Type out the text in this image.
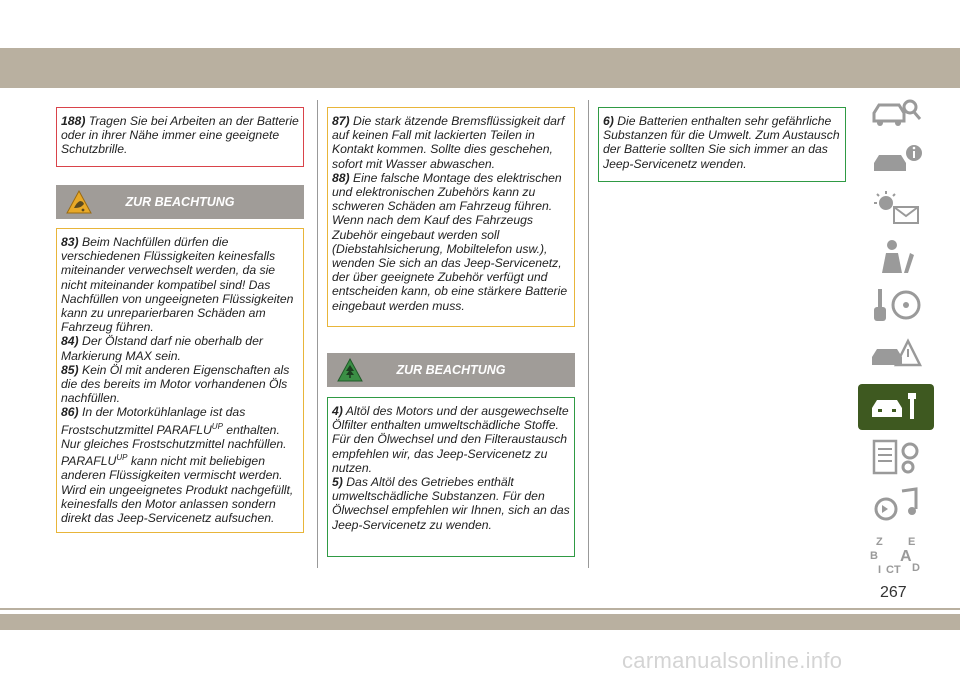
188) Tragen Sie bei Arbeiten an der Batterie oder in ihrer Nähe immer eine geeignete Schutzbrille.

ZUR BEACHTUNG

83) Beim Nachfüllen dürfen die verschiedenen Flüssigkeiten keinesfalls miteinander verwechselt werden, da sie nicht miteinander kompatibel sind! Das Nachfüllen von ungeeigneten Flüssigkeiten kann zu unreparierbaren Schäden am Fahrzeug führen.

84) Der Ölstand darf nie oberhalb der Markierung MAX sein.

85) Kein Öl mit anderen Eigenschaften als die des bereits im Motor vorhandenen Öls nachfüllen.

86) In der Motorkühlanlage ist das Frostschutzmittel $PARAFLU^{UP}$ enthalten. Nur gleiches Frostschutzmittel nachfüllen. $PARAFLU^{UP}$ kann nicht mit beliebigen anderen Flüssigkeiten vermischt werden. Wird ein ungeeignetes Produkt nachgefüllt, keinesfalls den Motor anlassen sondern direkt das Jeep-Servicenetz aufsuchen.

87) Die stark ätzende Bremsflüssigkeit darf auf keinen Fall mit lackierten Teilen in Kontakt kommen. Sollte dies geschehen, sofort mit Wasser abwaschen.

88) Eine falsche Montage des elektrischen und elektronischen Zubehörs kann zu schweren Schäden am Fahrzeug führen. Wenn nach dem Kauf des Fahrzeugs Zubehör eingebaut werden soll (Diebstahlsicherung, Mobiltelefon usw.), wenden Sie sich an das Jeep-Servicenetz, der über geeignete Zubehör verfügt und entscheiden kann, ob eine stärkere Batterie eingebaut werden muss.

ZUR BEACHTUNG

4) Altöl des Motors und der ausgewechselte Ölfilter enthalten umweltschädliche Stoffe. Für den Ölwechsel und den Filteraustausch empfehlen wir, das Jeep-Servicenetz zu nutzen.

5) Das Altöl des Getriebes enthält umweltschädliche Substanzen. Für den Ölwechsel empfehlen wir Ihnen, sich an das Jeep-Servicenetz zu wenden.

6) Die Batterien enthalten sehr gefährliche Substanzen für die Umwelt. Zum Austausch der Batterie sollten Sie sich immer an das Jeep-Servicenetz wenden.

Z E
B A
I C T D
267
carmanualsonline.info
